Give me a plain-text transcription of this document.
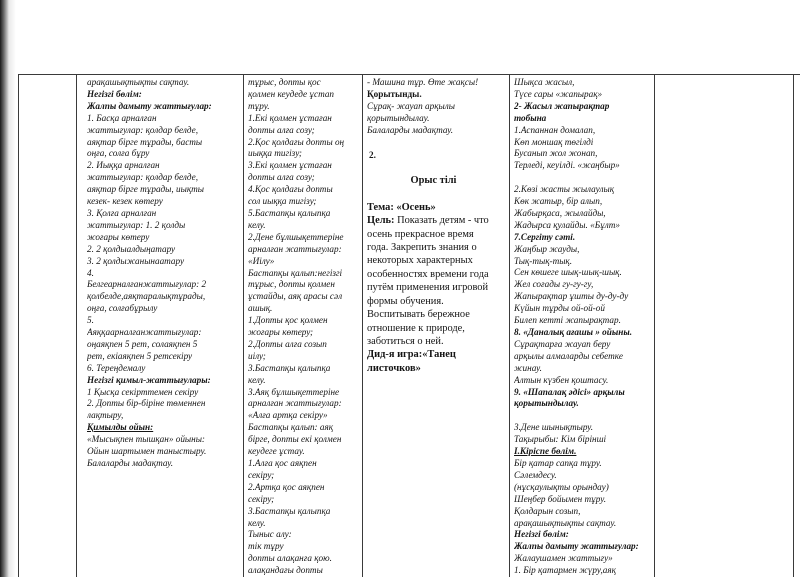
арақашықтықты сақтау.
Негізгі бөлім:
Жалпы дамыту жаттығулар:
1. Басқа арналған
жаттығулар: қолдар белде,
аяқтар бірге тұрады, басты
оңға, солға бұру
2. Иыққа арналған
жаттығулар: қолдар белде,
аяқтар бірге тұрады, иықты
кезек- кезек көтеру
3. Қолға арналған
жаттығулар: 1. 2 қолды
жоғары көтеру
2. 2 қолдыалдыңатару
3. 2 қолдыжанынаатару
4.
Белгеарналғанжаттығулар: 2
қолбелде,аяқтаралықтұрады,
оңға, солғабұрылу
5.
Аяққаарналғанжаттығулар:
оңаяқпен 5 рет, солаяқпен 5
рет, екіаяқпен 5 ретсекіру
6. Тереңдемалу
Негізгі қимыл-жаттығулары:
1 Қысқа секірттемен секіру
2. Допты бір-біріне төменнен
лақтыру,
Қимылды ойын:
«Мысықпен тышқан» ойыны:
Ойын шартымен таныстыру.
Балаларды мадақтау.
тұрыс, допты қос
қолмен кеудеде ұстап
тұру.
1.Екі қолмен ұстаған
допты алға созу;
2.Қос қолдағы допты оң
иыққа тигізу;
3.Екі қолмен ұстаған
допты алға созу;
4.Қос қолдағы допты
сол иыққа тигізу;
5.Бастапқы қалыпқа
келу.
2.Дене бұлшықеттеріне
арналған жаттығулар:
«Иілу»
Бастапқы қалып:негізгі
тұрыс, допты қолмен
ұстайды, аяқ арасы сәл
ашық.
1.Допты қос қолмен
жоғары көтеру;
2.Допты алға созып
иілу;
3.Бастапқы қалыпқа
келу.
3.Аяқ бұлшықеттеріне
арналған жаттығулар:
«Алға артқа секіру»
Бастапқы қалып: аяқ
бірге, допты екі қолмен
кеудеге ұстау.
1.Алға қос аяқпен
секіру;
2.Артқа қос аяқпен
секіру;
3.Бастапқы қалыпқа
келу.
Тыныс алу:
тік тұру
допты алақанға қою.
алақандағы допты
- Машина тұр. Өте жақсы!
Қорытынды.
Сұрақ- жауап арқылы
қорытындылау.
Балаларды мадақтау.
2.
Орыс тілі
Тема: «Осень»
Цель: Показать детям - что
осень прекрасное время
года. Закрепить знания о
некоторых характерных
особенностях времени года
путём применения игровой
формы обучения.
Воспитывать бережное
отношение к природе,
заботиться о ней.
Дид-я игра:«Танец
листочков»
Шықса жасыл,
Түсе сары «жапырақ»
2- Жасыл жапырақтар
тобына
1.Аспаннан домалап,
Көп моншақ төгілді
Бусанып жол жонап,
Терледі, кеуілді. «жаңбыр»
2.Көзі жасты жылаулық
Көк жатыр, бір алып,
Жабырқаса, жылайды,
Жадырса қулайды. «Бұлт»
7.Сергіту сәті.
Жаңбыр жауды,
Тық-тық-тық.
Сен көшеге шық-шық-шық.
Жел соғады гу-гу-гу,
Жапырақтар ұшты ду-ду-ду
Күйын тұрды ой-ой-ой
Билеп кетті жапырақтар.
8. «Даналық ағашы » ойыны.
Сұрақтарға жауап беру
арқылы алмаларды себетке
жинау.
Алтын күзбен қоштасу.
9. «Шапалақ әдісі» арқылы
қорытындылау.
3.Дене шынықтыру.
Тақырыбы: Кім бірінші
І.Кіріспе бөлім.
Бір қатар сапқа тұру.
Сәлемдесу.
(нұсқаулықты орындау)
Шеңбер бойымен тұру.
Қолдарын созып,
арақашықтықты сақтау.
Негізгі бөлім:
Жалпы дамыту жаттығулар:
Жалаушамен жаттығу»
1. Бір қатармен жүру,аяқ
